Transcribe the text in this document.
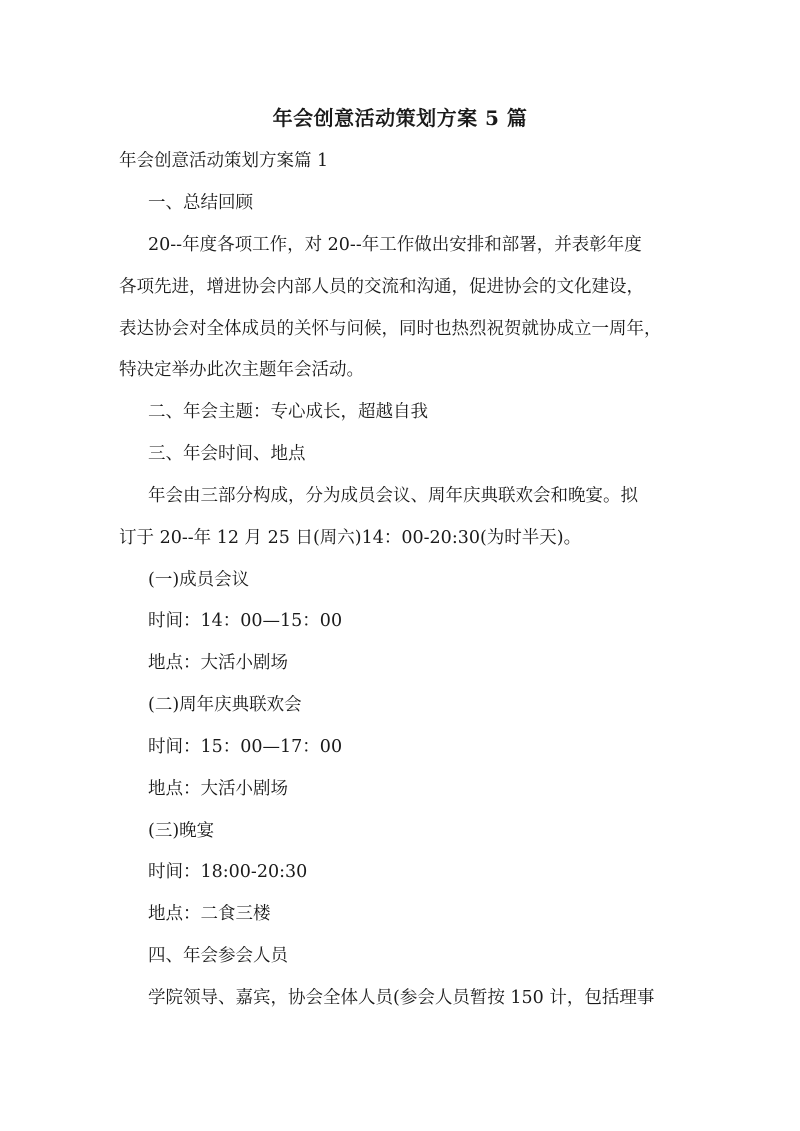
年会创意活动策划方案 5 篇
年会创意活动策划方案篇 1
一、总结回顾
20--年度各项工作，对 20--年工作做出安排和部署，并表彰年度
各项先进，增进协会内部人员的交流和沟通，促进协会的文化建设，
表达协会对全体成员的关怀与问候，同时也热烈祝贺就协成立一周年，
特决定举办此次主题年会活动。
二、年会主题：专心成长，超越自我
三、年会时间、地点
年会由三部分构成，分为成员会议、周年庆典联欢会和晚宴。拟
订于 20--年 12 月 25 日(周六)14：00-20:30(为时半天)。
(一)成员会议
时间：14：00—15：00
地点：大活小剧场
(二)周年庆典联欢会
时间：15：00—17：00
地点：大活小剧场
(三)晚宴
时间：18:00-20:30
地点：二食三楼
四、年会参会人员
学院领导、嘉宾，协会全体人员(参会人员暂按 150 计，包括理事
